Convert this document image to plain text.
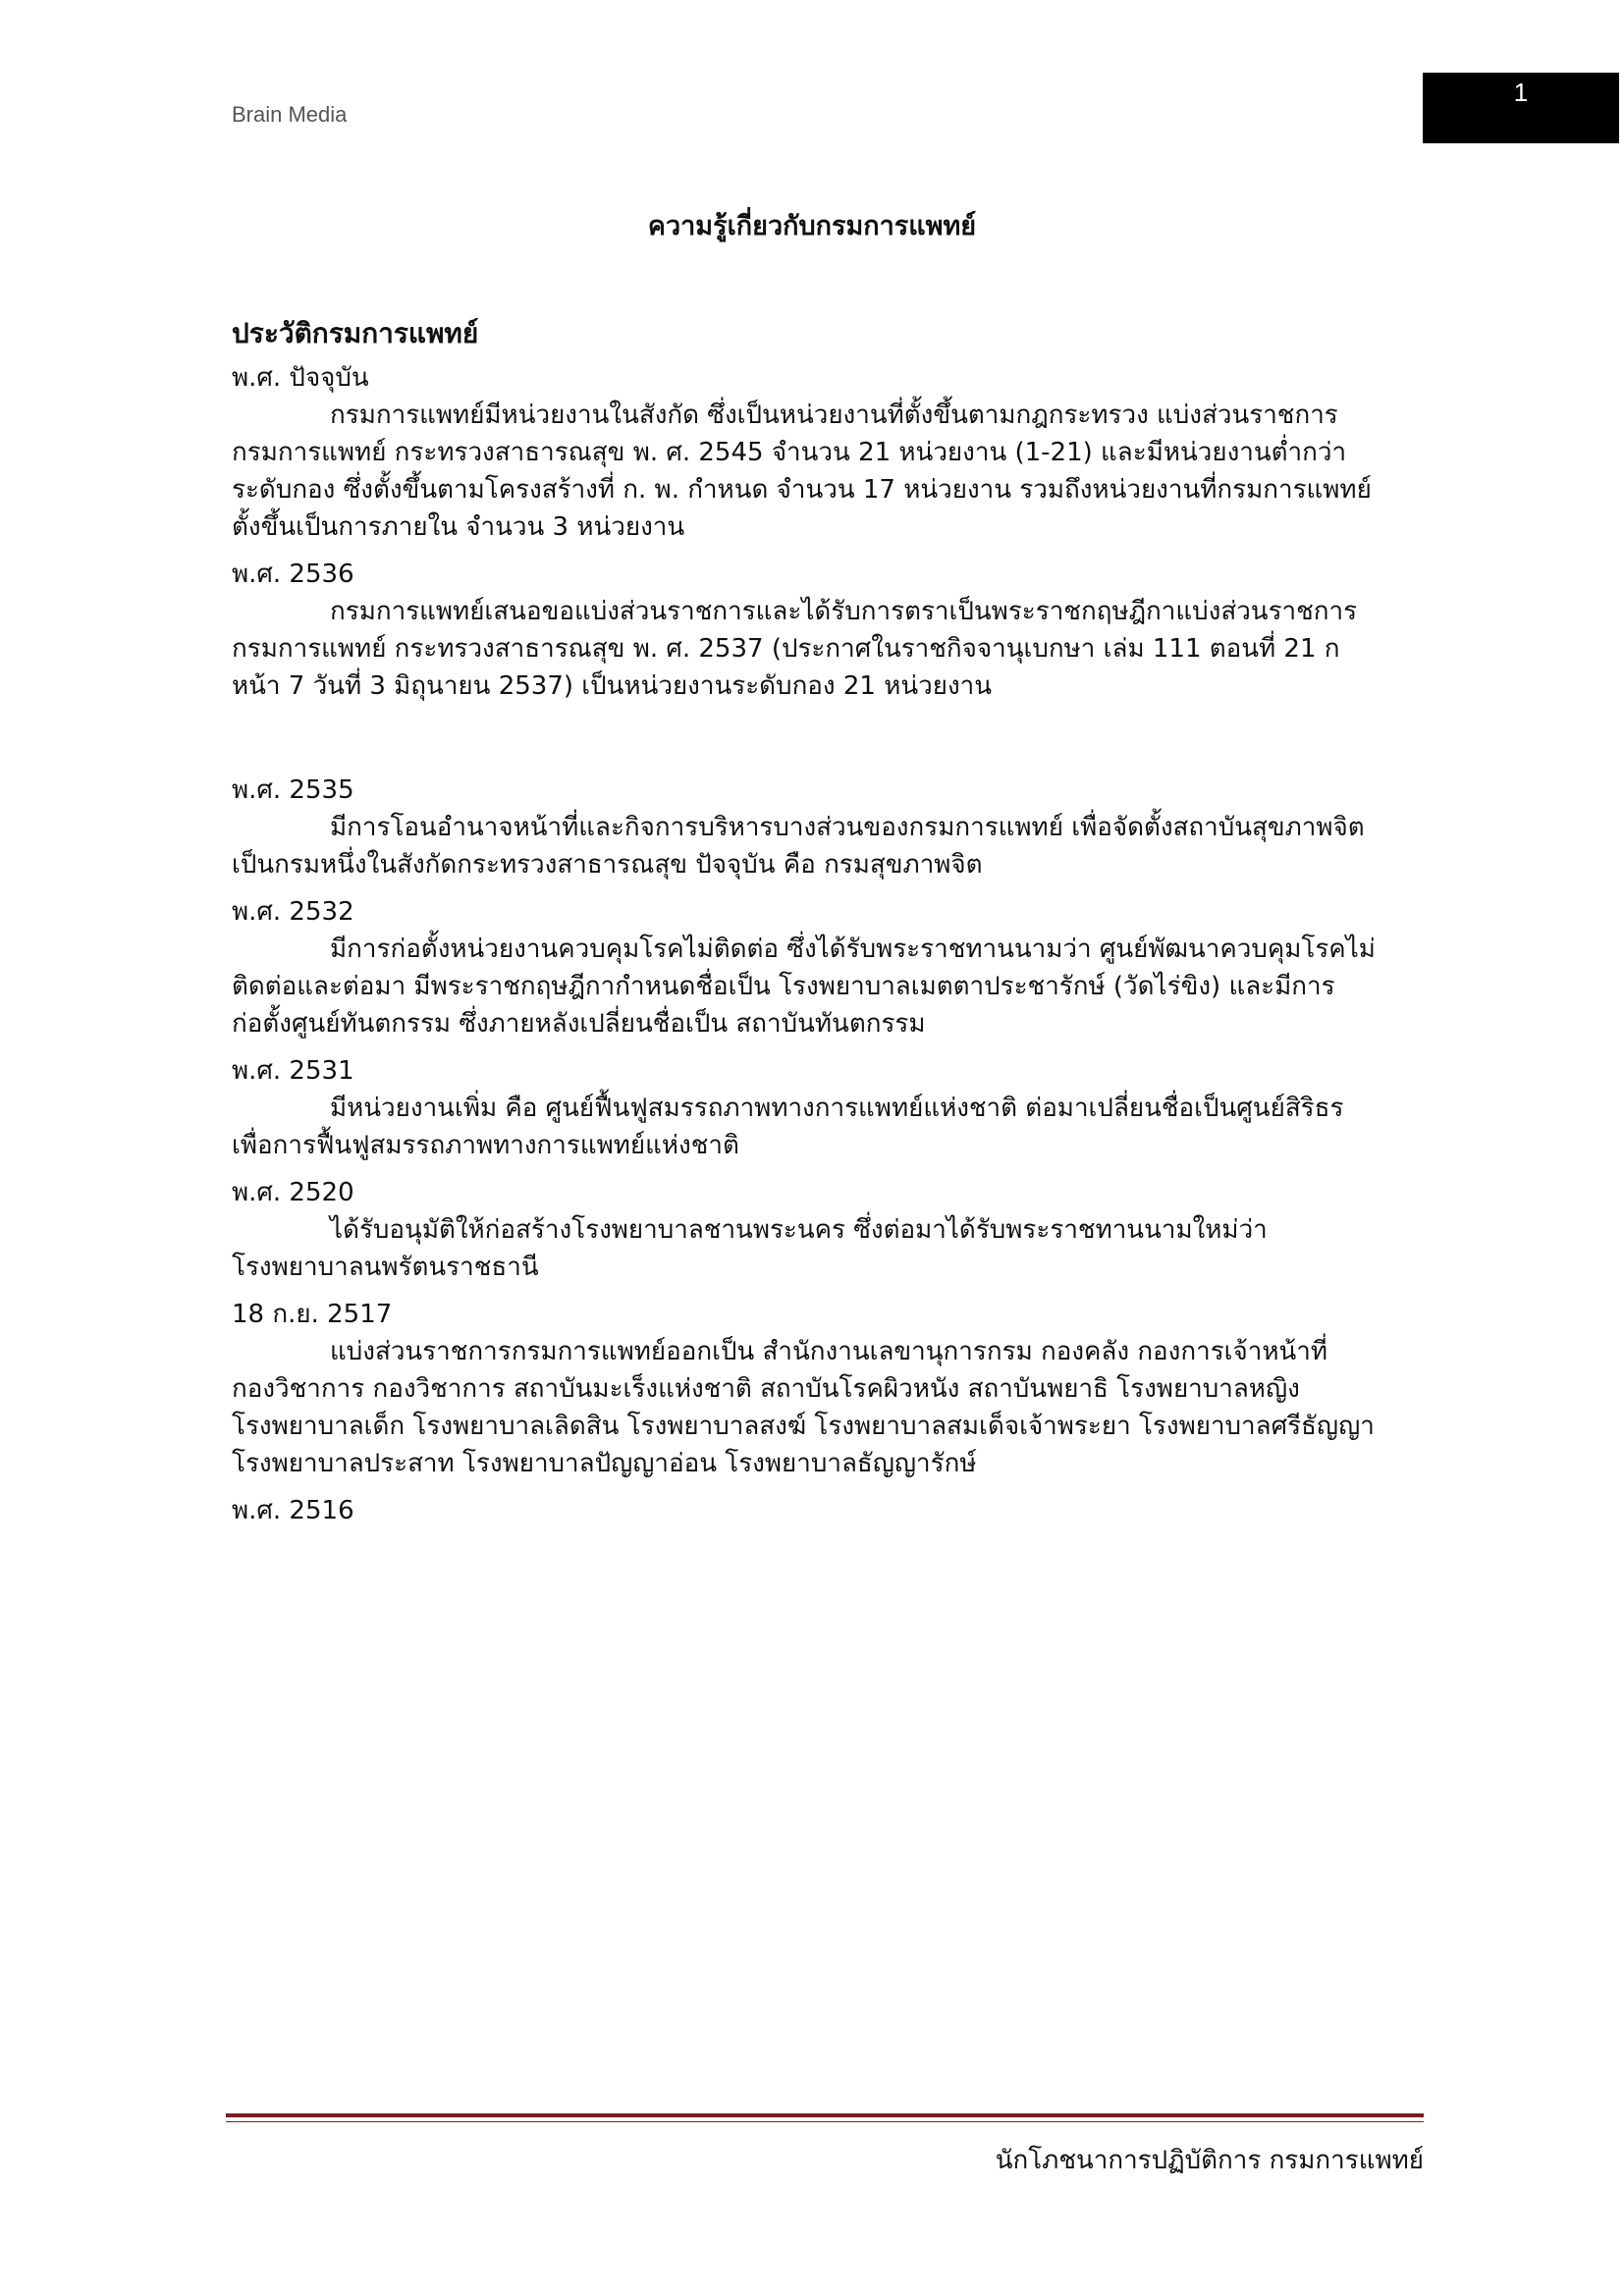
Brain Media
1
ความรู้เกี่ยวกับกรมการแพทย์
ประวัติกรมการแพทย์
พ.ศ. ปัจจุบัน
กรมการแพทย์มีหน่วยงานในสังกัด ซึ่งเป็นหน่วยงานที่ตั้งขึ้นตามกฎกระทรวง แบ่งส่วนราชการ
กรมการแพทย์ กระทรวงสาธารณสุข พ. ศ. 2545 จำนวน 21 หน่วยงาน (1-21) และมีหน่วยงานต่ำกว่า
ระดับกอง ซึ่งตั้งขึ้นตามโครงสร้างที่ ก. พ. กำหนด จำนวน 17 หน่วยงาน รวมถึงหน่วยงานที่กรมการแพทย์
ตั้งขึ้นเป็นการภายใน จำนวน 3 หน่วยงาน
พ.ศ. 2536
กรมการแพทย์เสนอขอแบ่งส่วนราชการและได้รับการตราเป็นพระราชกฤษฎีกาแบ่งส่วนราชการ
กรมการแพทย์ กระทรวงสาธารณสุข พ. ศ. 2537 (ประกาศในราชกิจจานุเบกษา เล่ม 111 ตอนที่ 21 ก
หน้า 7 วันที่ 3 มิถุนายน 2537) เป็นหน่วยงานระดับกอง 21 หน่วยงาน
พ.ศ. 2535
มีการโอนอำนาจหน้าที่และกิจการบริหารบางส่วนของกรมการแพทย์ เพื่อจัดตั้งสถาบันสุขภาพจิต
เป็นกรมหนึ่งในสังกัดกระทรวงสาธารณสุข ปัจจุบัน คือ กรมสุขภาพจิต
พ.ศ. 2532
มีการก่อตั้งหน่วยงานควบคุมโรคไม่ติดต่อ ซึ่งได้รับพระราชทานนามว่า ศูนย์พัฒนาควบคุมโรคไม่
ติดต่อและต่อมา มีพระราชกฤษฎีกากำหนดชื่อเป็น โรงพยาบาลเมตตาประชารักษ์ (วัดไร่ขิง) และมีการ
ก่อตั้งศูนย์ทันตกรรม ซึ่งภายหลังเปลี่ยนชื่อเป็น สถาบันทันตกรรม
พ.ศ. 2531
มีหน่วยงานเพิ่ม คือ ศูนย์ฟื้นฟูสมรรถภาพทางการแพทย์แห่งชาติ ต่อมาเปลี่ยนชื่อเป็นศูนย์สิริธร
เพื่อการฟื้นฟูสมรรถภาพทางการแพทย์แห่งชาติ
พ.ศ. 2520
ได้รับอนุมัติให้ก่อสร้างโรงพยาบาลชานพระนคร ซึ่งต่อมาได้รับพระราชทานนามใหม่ว่า
โรงพยาบาลนพรัตนราชธานี
18 ก.ย. 2517
แบ่งส่วนราชการกรมการแพทย์ออกเป็น สำนักงานเลขานุการกรม กองคลัง กองการเจ้าหน้าที่
กองวิชาการ กองวิชาการ สถาบันมะเร็งแห่งชาติ สถาบันโรคผิวหนัง สถาบันพยาธิ โรงพยาบาลหญิง
โรงพยาบาลเด็ก โรงพยาบาลเลิดสิน โรงพยาบาลสงฆ์ โรงพยาบาลสมเด็จเจ้าพระยา โรงพยาบาลศรีธัญญา
โรงพยาบาลประสาท โรงพยาบาลปัญญาอ่อน โรงพยาบาลธัญญารักษ์
พ.ศ. 2516
นักโภชนาการปฏิบัติการ กรมการแพทย์
